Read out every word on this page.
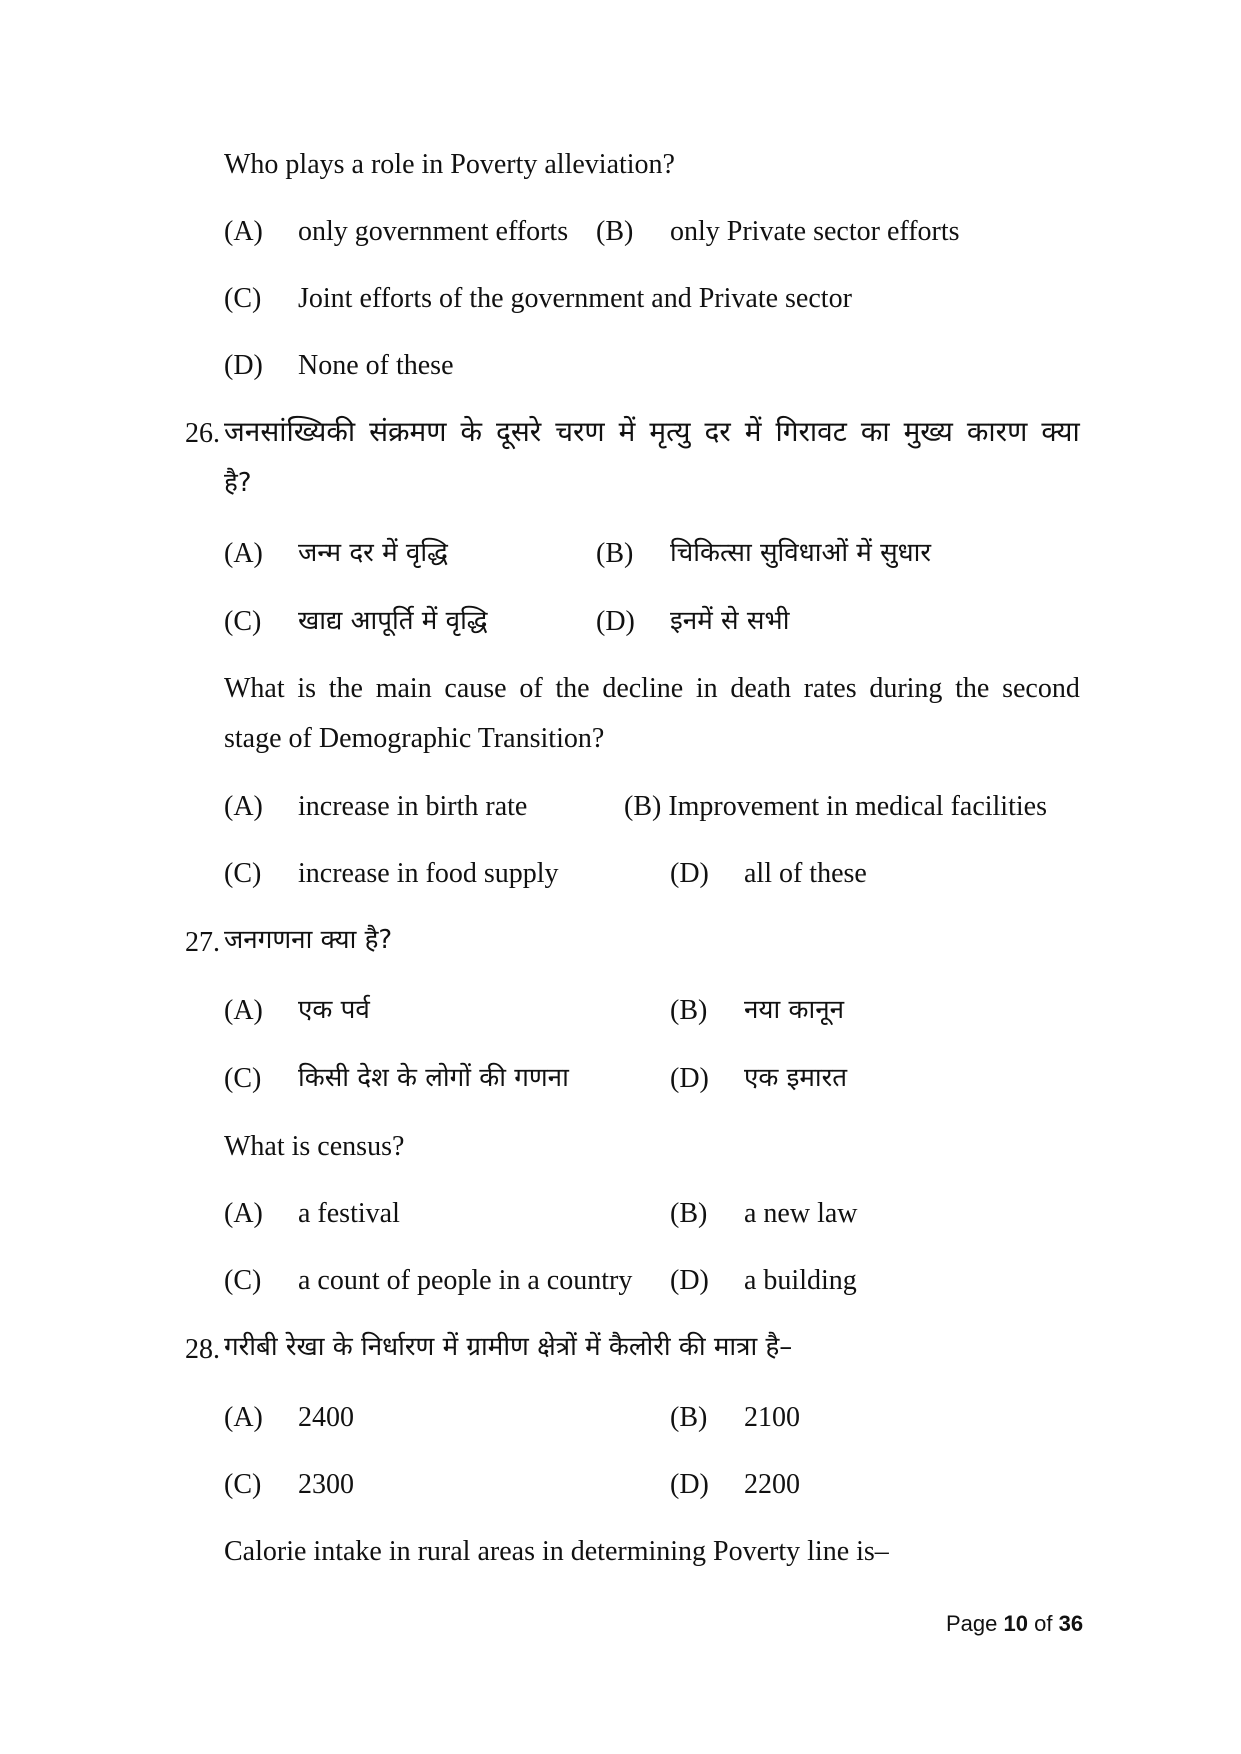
Who plays a role in Poverty alleviation?
(A) only government efforts (B) only Private sector efforts
(C) Joint efforts of the government and Private sector
(D) None of these
26. जनसांख्यिकी संक्रमण के दूसरे चरण में मृत्यु दर में गिरावट का मुख्य कारण क्या
है?
(A) जन्म दर में वृद्धि	(B) चिकित्सा सुविधाओं में सुधार
(C) खाद्य आपूर्ति में वृद्धि	(D) इनमें से सभी
What is the main cause of the decline in death rates during the second
stage of Demographic Transition?
(A) increase in birth rate	(B) Improvement in medical facilities
(C) increase in food supply	(D) all of these
27. जनगणना क्या है?
(A) एक पर्व	(B) नया कानून
(C) किसी देश के लोगों की गणना	(D) एक इमारत
What is census?
(A) a festival	(B) a new law
(C) a count of people in a country (D) a building
28. गरीबी रेखा के निर्धारण में ग्रामीण क्षेत्रों में कैलोरी की मात्रा है–
(A) 2400	(B) 2100
(C) 2300	(D) 2200
Calorie intake in rural areas in determining Poverty line is–
Page 10 of 36
